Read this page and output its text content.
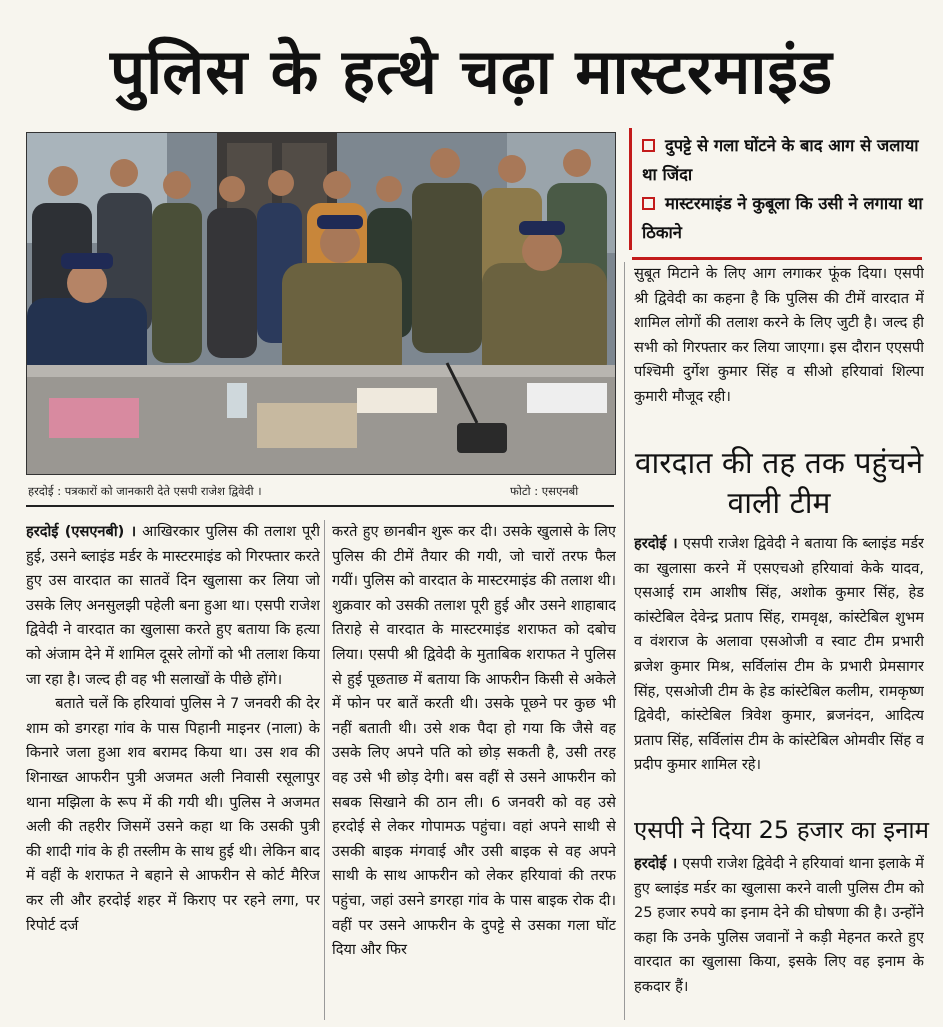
पुलिस के हत्थे चढ़ा मास्टरमाइंड
हरदोई : पत्रकारों को जानकारी देते एसपी राजेश द्विवेदी ।	फोटो : एसएनबी
दुपट्टे से गला घोंटने के बाद आग से जलाया था जिंदा
मास्टरमाइंड ने कुबूला कि उसी ने लगाया था ठिकाने

हरदोई (एसएनबी) । आखिरकार पुलिस की तलाश पूरी हुई, उसने ब्लाइंड मर्डर के मास्टरमाइंड को गिरफ्तार करते हुए उस वारदात का सातवें दिन खुलासा कर लिया जो उसके लिए अनसुलझी पहेली बना हुआ था। एसपी राजेश द्विवेदी ने वारदात का खुलासा करते हुए बताया कि हत्या को अंजाम देने में शामिल दूसरे लोगों को भी तलाश किया जा रहा है। जल्द ही वह भी सलाखों के पीछे होंगे।

बताते चलें कि हरियावां पुलिस ने 7 जनवरी की देर शाम को डगरहा गांव के पास पिहानी माइनर (नाला) के किनारे जला हुआ शव बरामद किया था। उस शव की शिनाख्त आफरीन पुत्री अजमत अली निवासी रसूलापुर थाना मझिला के रूप में की गयी थी। पुलिस ने अजमत अली की तहरीर जिसमें उसने कहा था कि उसकी पुत्री की शादी गांव के ही तस्लीम के साथ हुई थी। लेकिन बाद में वहीं के शराफत ने बहाने से आफरीन से कोर्ट मैरिज कर ली और हरदोई शहर में किराए पर रहने लगा, पर रिपोर्ट दर्ज

करते हुए छानबीन शुरू कर दी। उसके खुलासे के लिए पुलिस की टीमें तैयार की गयी, जो चारों तरफ फैल गयीं। पुलिस को वारदात के मास्टरमाइंड की तलाश थी। शुक्रवार को उसकी तलाश पूरी हुई और उसने शाहाबाद तिराहे से वारदात के मास्टरमाइंड शराफत को दबोच लिया। एसपी श्री द्विवेदी के मुताबिक शराफत ने पुलिस से हुई पूछताछ में बताया कि आफरीन किसी से अकेले में फोन पर बातें करती थी। उसके पूछने पर कुछ भी नहीं बताती थी। उसे शक पैदा हो गया कि जैसे वह उसके लिए अपने पति को छोड़ सकती है, उसी तरह वह उसे भी छोड़ देगी। बस वहीं से उसने आफरीन को सबक सिखाने की ठान ली। 6 जनवरी को वह उसे हरदोई से लेकर गोपामऊ पहुंचा। वहां अपने साथी से उसकी बाइक मंगवाई और उसी बाइक से वह अपने साथी के साथ आफरीन को लेकर हरियावां की तरफ पहुंचा, जहां उसने डगरहा गांव के पास बाइक रोक दी। वहीं पर उसने आफरीन के दुपट्टे से उसका गला घोंट दिया और फिर

सुबूत मिटाने के लिए आग लगाकर फूंक दिया। एसपी श्री द्विवेदी का कहना है कि पुलिस की टीमें वारदात में शामिल लोगों की तलाश करने के लिए जुटी है। जल्द ही सभी को गिरफ्तार कर लिया जाएगा। इस दौरान एएसपी पश्चिमी दुर्गेश कुमार सिंह व सीओ हरियावां शिल्पा कुमारी मौजूद रही।

वारदात की तह तक पहुंचने वाली टीम

हरदोई । एसपी राजेश द्विवेदी ने बताया कि ब्लाइंड मर्डर का खुलासा करने में एसएचओ हरियावां केके यादव, एसआई राम आशीष सिंह, अशोक कुमार सिंह, हेड कांस्टेबिल देवेन्द्र प्रताप सिंह, रामवृक्ष, कांस्टेबिल शुभम व वंशराज के अलावा एसओजी व स्वाट टीम प्रभारी ब्रजेश कुमार मिश्र, सर्विलांस टीम के प्रभारी प्रेमसागर सिंह, एसओजी टीम के हेड कांस्टेबिल कलीम, रामकृष्ण द्विवेदी, कांस्टेबिल त्रिवेश कुमार, ब्रजनंदन, आदित्य प्रताप सिंह, सर्विलांस टीम के कांस्टेबिल ओमवीर सिंह व प्रदीप कुमार शामिल रहे।

एसपी ने दिया 25 हजार का इनाम

हरदोई । एसपी राजेश द्विवेदी ने हरियावां थाना इलाके में हुए ब्लाइंड मर्डर का खुलासा करने वाली पुलिस टीम को 25 हजार रुपये का इनाम देने की घोषणा की है। उन्होंने कहा कि उनके पुलिस जवानों ने कड़ी मेहनत करते हुए वारदात का खुलासा किया, इसके लिए वह इनाम के हकदार हैं।
